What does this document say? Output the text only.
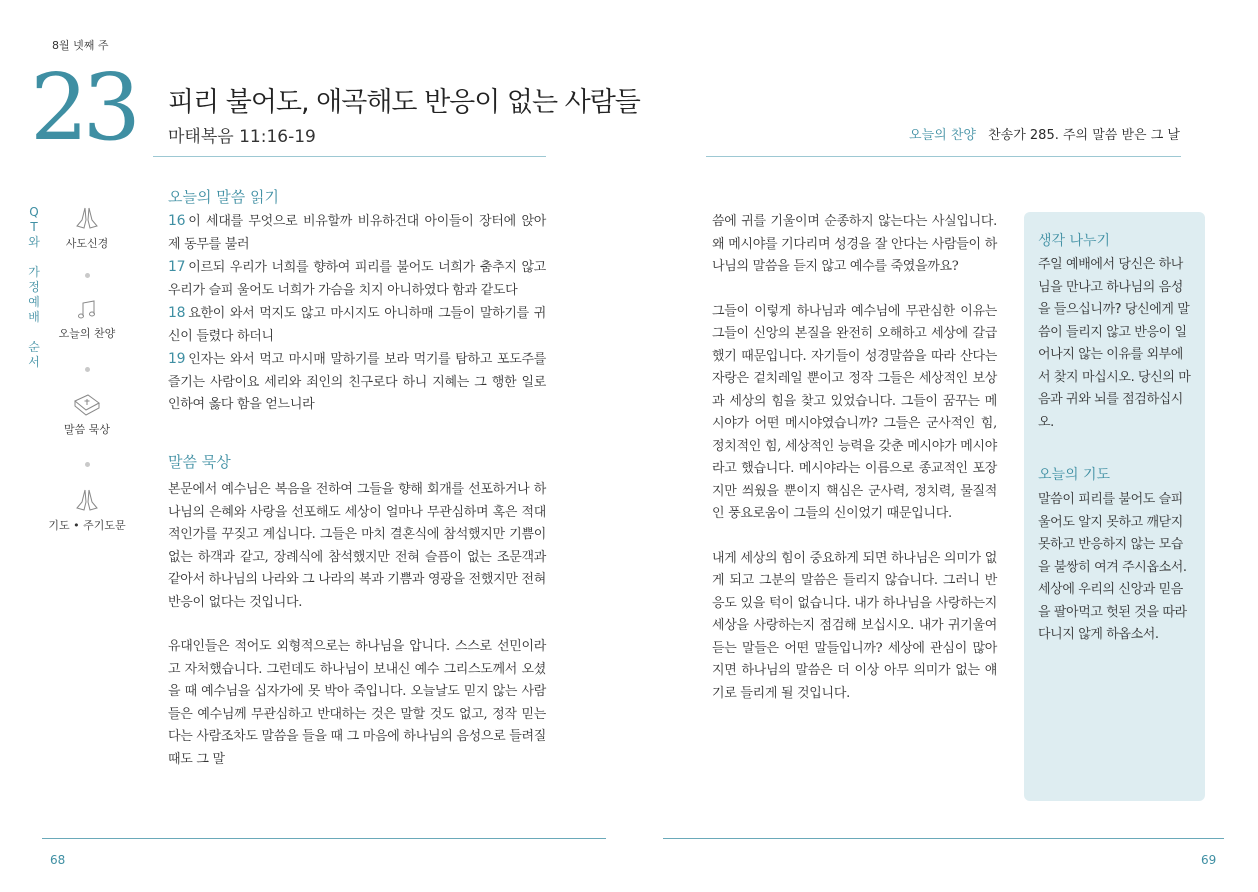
8월 넷째 주
23 피리 불어도, 애곡해도 반응이 없는 사람들
마태복음 11:16-19	오늘의 찬양 찬송가 285. 주의 말씀 받은 그 날
Q
T
와
가
정
예
배
순
서
사도신경
오늘의 찬양
말씀 묵상
기도 • 주기도문
오늘의 말씀 읽기
16 이 세대를 무엇으로 비유할까 비유하건대 아이들이 장터에 앉아 제 동무를 불러
17 이르되 우리가 너희를 향하여 피리를 불어도 너희가 춤추지 않고 우리가 슬피 울어도 너희가 가슴을 치지 아니하였다 함과 같도다
18 요한이 와서 먹지도 않고 마시지도 아니하매 그들이 말하기를 귀신이 들렸다 하더니
19 인자는 와서 먹고 마시매 말하기를 보라 먹기를 탐하고 포도주를 즐기는 사람이요 세리와 죄인의 친구로다 하니 지혜는 그 행한 일로 인하여 옳다 함을 얻느니라
말씀 묵상

본문에서 예수님은 복음을 전하여 그들을 향해 회개를 선포하거나 하나님의 은혜와 사랑을 선포해도 세상이 얼마나 무관심하며 혹은 적대적인가를 꾸짖고 계십니다. 그들은 마치 결혼식에 참석했지만 기쁨이 없는 하객과 같고, 장례식에 참석했지만 전혀 슬픔이 없는 조문객과 같아서 하나님의 나라와 그 나라의 복과 기쁨과 영광을 전했지만 전혀 반응이 없다는 것입니다.

유대인들은 적어도 외형적으로는 하나님을 압니다. 스스로 선민이라고 자처했습니다. 그런데도 하나님이 보내신 예수 그리스도께서 오셨을 때 예수님을 십자가에 못 박아 죽입니다. 오늘날도 믿지 않는 사람들은 예수님께 무관심하고 반대하는 것은 말할 것도 없고, 정작 믿는다는 사람조차도 말씀을 들을 때 그 마음에 하나님의 음성으로 들려질 때도 그 말

씀에 귀를 기울이며 순종하지 않는다는 사실입니다. 왜 메시야를 기다리며 성경을 잘 안다는 사람들이 하나님의 말씀을 듣지 않고 예수를 죽였을까요?

그들이 이렇게 하나님과 예수님에 무관심한 이유는 그들이 신앙의 본질을 완전히 오해하고 세상에 갈급했기 때문입니다. 자기들이 성경말씀을 따라 산다는 자랑은 겉치레일 뿐이고 정작 그들은 세상적인 보상과 세상의 힘을 찾고 있었습니다. 그들이 꿈꾸는 메시야가 어떤 메시야였습니까? 그들은 군사적인 힘, 정치적인 힘, 세상적인 능력을 갖춘 메시야가 메시야라고 했습니다. 메시야라는 이름으로 종교적인 포장지만 씌웠을 뿐이지 핵심은 군사력, 정치력, 물질적인 풍요로움이 그들의 신이었기 때문입니다.

내게 세상의 힘이 중요하게 되면 하나님은 의미가 없게 되고 그분의 말씀은 들리지 않습니다. 그러니 반응도 있을 턱이 없습니다. 내가 하나님을 사랑하는지 세상을 사랑하는지 점검해 보십시오. 내가 귀기울여 듣는 말들은 어떤 말들입니까? 세상에 관심이 많아지면 하나님의 말씀은 더 이상 아무 의미가 없는 얘기로 들리게 될 것입니다.

생각 나누기
주일 예배에서 당신은 하나님을 만나고 하나님의 음성을 들으십니까? 당신에게 말씀이 들리지 않고 반응이 일어나지 않는 이유를 외부에서 찾지 마십시오. 당신의 마음과 귀와 뇌를 점검하십시오.
오늘의 기도
말씀이 피리를 불어도 슬피 울어도 알지 못하고 깨닫지 못하고 반응하지 않는 모습을 불쌍히 여겨 주시옵소서. 세상에 우리의 신앙과 믿음을 팔아먹고 헛된 것을 따라 다니지 않게 하옵소서.
68	69
